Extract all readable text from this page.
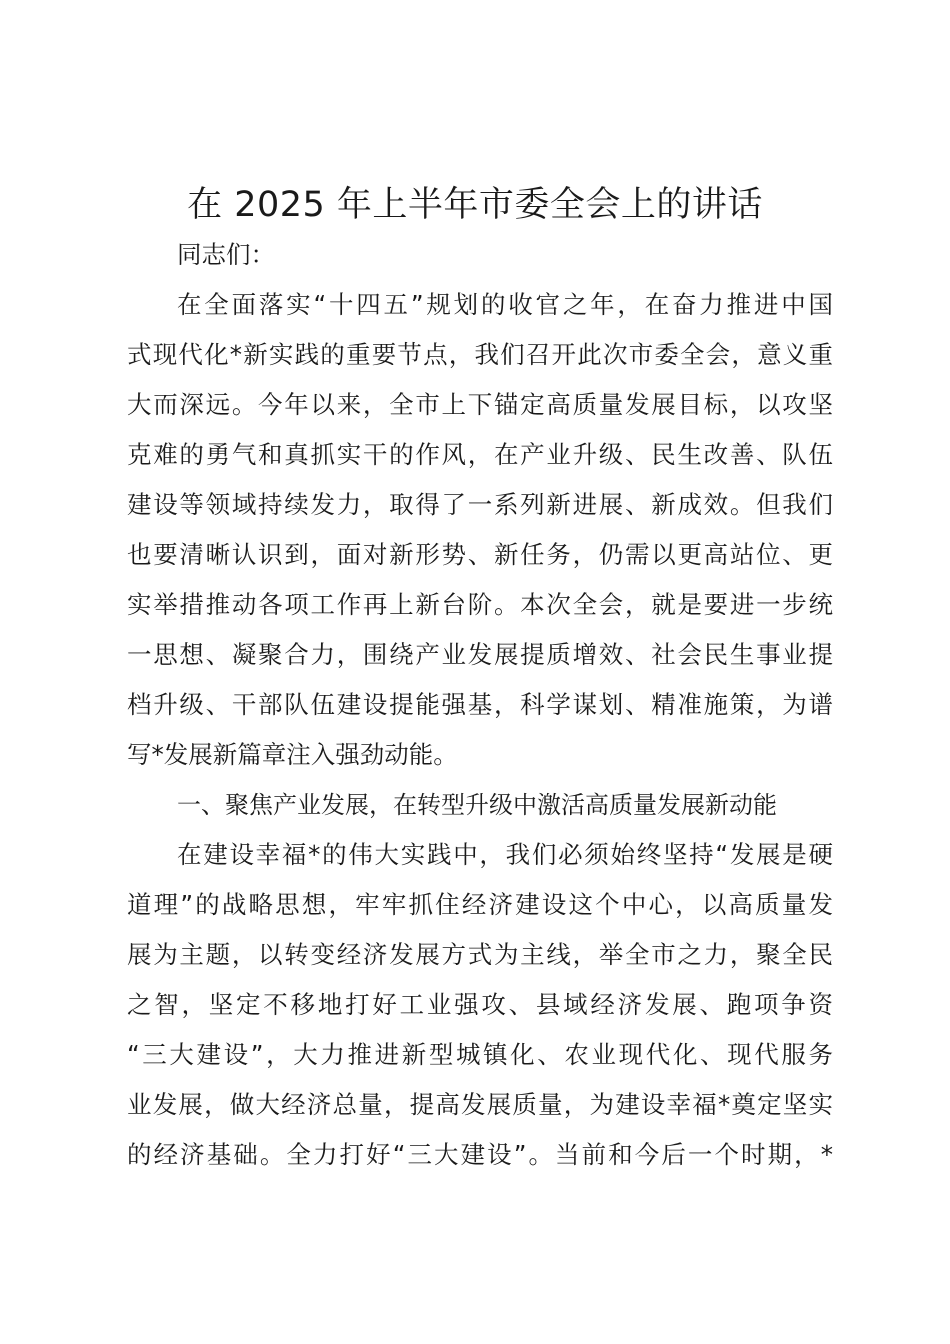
在 2025 年上半年市委全会上的讲话
同志们：
在全面落实“十四五”规划的收官之年，在奋力推进中国
式现代化*新实践的重要节点，我们召开此次市委全会，意义重
大而深远。今年以来，全市上下锚定高质量发展目标，以攻坚
克难的勇气和真抓实干的作风，在产业升级、民生改善、队伍
建设等领域持续发力，取得了一系列新进展、新成效。但我们
也要清晰认识到，面对新形势、新任务，仍需以更高站位、更
实举措推动各项工作再上新台阶。本次全会，就是要进一步统
一思想、凝聚合力，围绕产业发展提质增效、社会民生事业提
档升级、干部队伍建设提能强基，科学谋划、精准施策，为谱
写*发展新篇章注入强劲动能。
一、聚焦产业发展，在转型升级中激活高质量发展新动能
在建设幸福*的伟大实践中，我们必须始终坚持“发展是硬
道理”的战略思想，牢牢抓住经济建设这个中心，以高质量发
展为主题，以转变经济发展方式为主线，举全市之力，聚全民
之智，坚定不移地打好工业强攻、县域经济发展、跑项争资
“三大建设”，大力推进新型城镇化、农业现代化、现代服务
业发展，做大经济总量，提高发展质量，为建设幸福*奠定坚实
的经济基础。全力打好“三大建设”。当前和今后一个时期，*
